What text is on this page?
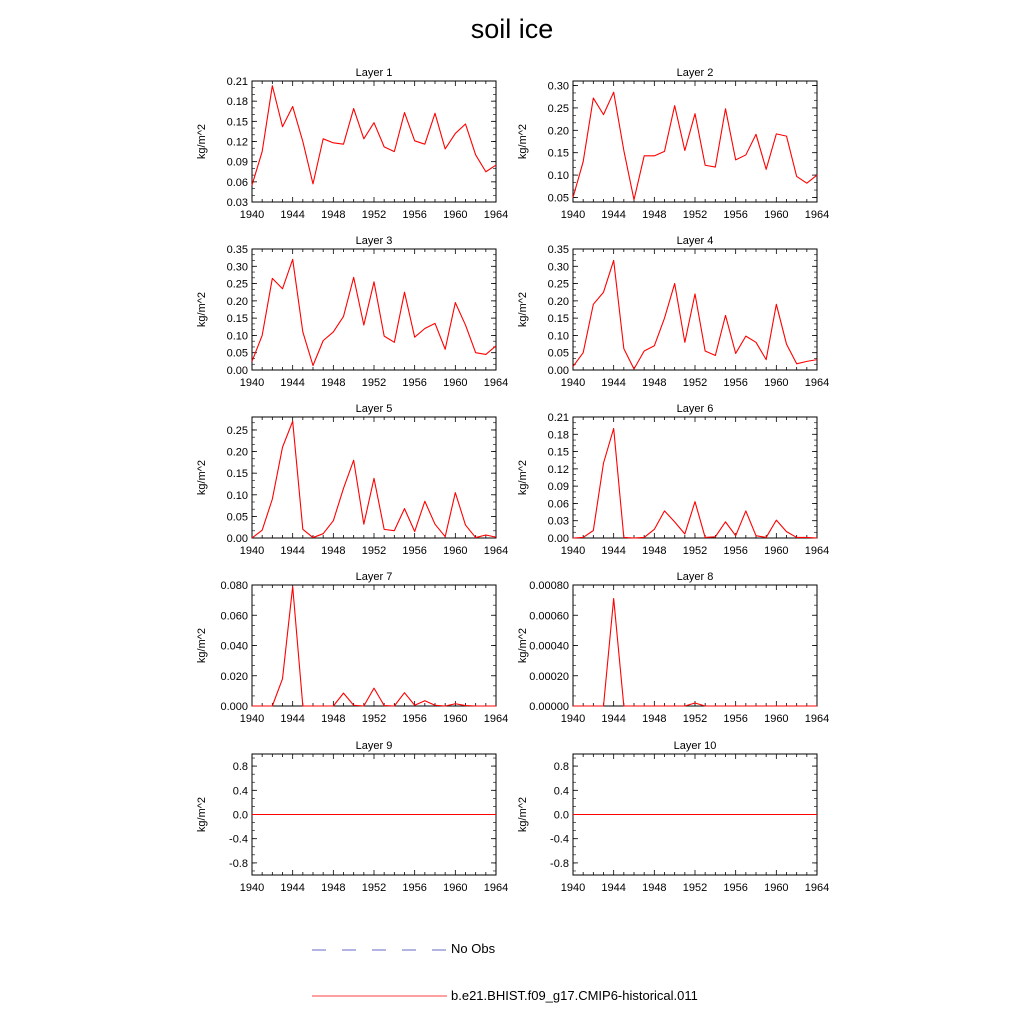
soil ice
Layer 1
1940 1944 1948 1952 1956 1960 1964
0.03
0.06
0.09
0.12
0.15
0.18
0.21
kg/m^2
Layer 2
1940 1944 1948 1952 1956 1960 1964
0.05
0.10
0.15
0.20
0.25
0.30
kg/m^2
Layer 3
1940 1944 1948 1952 1956 1960 1964
0.00
0.05
0.10
0.15
0.20
0.25
0.30
0.35
kg/m^2
Layer 4
1940 1944 1948 1952 1956 1960 1964
0.00
0.05
0.10
0.15
0.20
0.25
0.30
0.35
kg/m^2
Layer 5
1940 1944 1948 1952 1956 1960 1964
0.00
0.05
0.10
0.15
0.20
0.25
kg/m^2
Layer 6
1940 1944 1948 1952 1956 1960 1964
0.00
0.03
0.06
0.09
0.12
0.15
0.18
0.21
kg/m^2
Layer 7
1940 1944 1948 1952 1956 1960 1964
0.000
0.020
0.040
0.060
0.080
kg/m^2
Layer 8
1940 1944 1948 1952 1956 1960 1964
0.00000
0.00020
0.00040
0.00060
0.00080
kg/m^2
Layer 9
1940 1944 1948 1952 1956 1960 1964
-0.8
-0.4
0.0
0.4
0.8
kg/m^2
Layer 10
1940 1944 1948 1952 1956 1960 1964
-0.8
-0.4
0.0
0.4
0.8
kg/m^2
No Obs
b.e21.BHIST.f09_g17.CMIP6-historical.011
